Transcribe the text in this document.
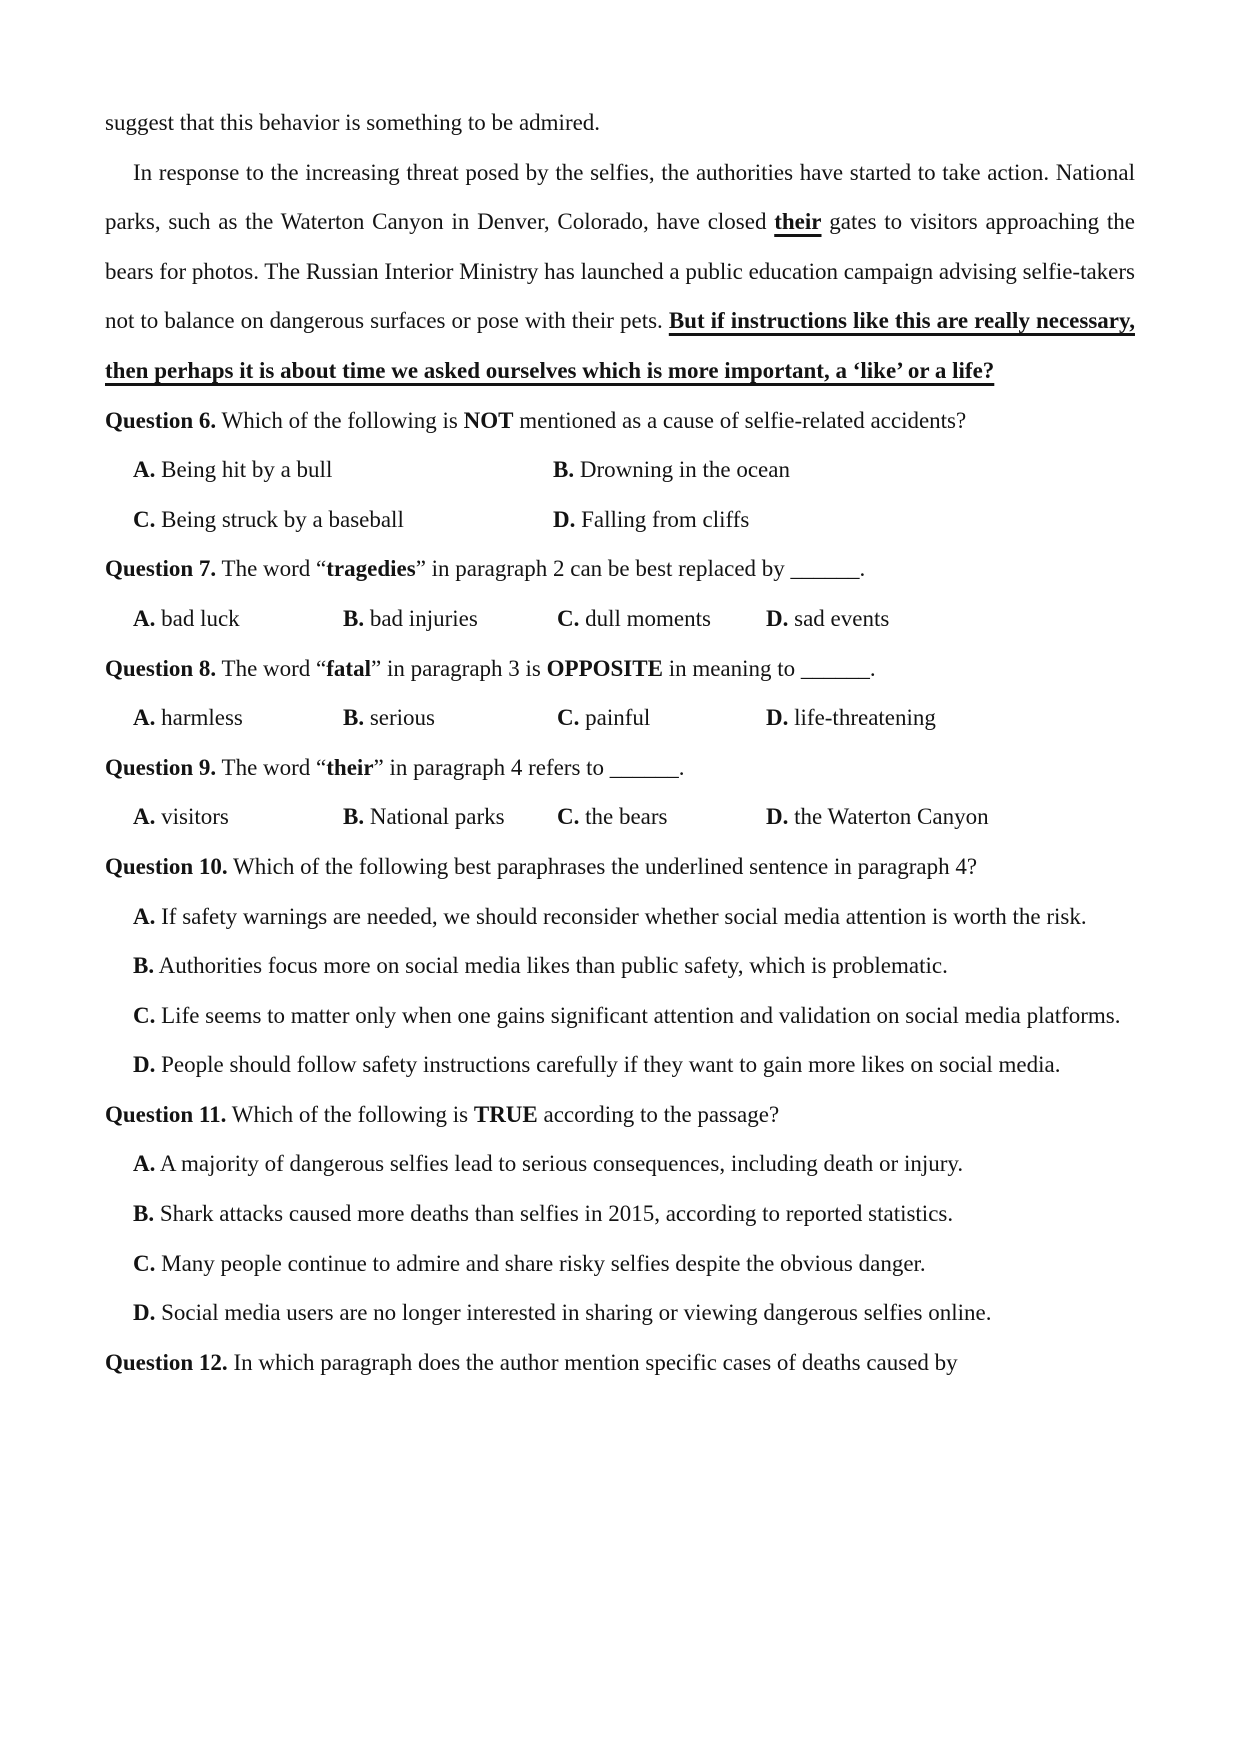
suggest that this behavior is something to be admired.

In response to the increasing threat posed by the selfies, the authorities have started to take action. National parks, such as the Waterton Canyon in Denver, Colorado, have closed their gates to visitors approaching the bears for photos. The Russian Interior Ministry has launched a public education campaign advising selfie-takers not to balance on dangerous surfaces or pose with their pets. But if instructions like this are really necessary, then perhaps it is about time we asked ourselves which is more important, a ‘like’ or a life?

Question 6. Which of the following is NOT mentioned as a cause of selfie-related accidents?

A. Being hit by a bull	B. Drowning in the ocean

C. Being struck by a baseball	D. Falling from cliffs

Question 7. The word “tragedies” in paragraph 2 can be best replaced by ______.

A. bad luck	B. bad injuries	C. dull moments	D. sad events

Question 8. The word “fatal” in paragraph 3 is OPPOSITE in meaning to ______.

A. harmless	B. serious	C. painful	D. life-threatening

Question 9. The word “their” in paragraph 4 refers to ______.

A. visitors	B. National parks	C. the bears	D. the Waterton Canyon

Question 10. Which of the following best paraphrases the underlined sentence in paragraph 4?

A. If safety warnings are needed, we should reconsider whether social media attention is worth the risk.

B. Authorities focus more on social media likes than public safety, which is problematic.

C. Life seems to matter only when one gains significant attention and validation on social media platforms.

D. People should follow safety instructions carefully if they want to gain more likes on social media.

Question 11. Which of the following is TRUE according to the passage?

A. A majority of dangerous selfies lead to serious consequences, including death or injury.

B. Shark attacks caused more deaths than selfies in 2015, according to reported statistics.

C. Many people continue to admire and share risky selfies despite the obvious danger.

D. Social media users are no longer interested in sharing or viewing dangerous selfies online.

Question 12. In which paragraph does the author mention specific cases of deaths caused by
